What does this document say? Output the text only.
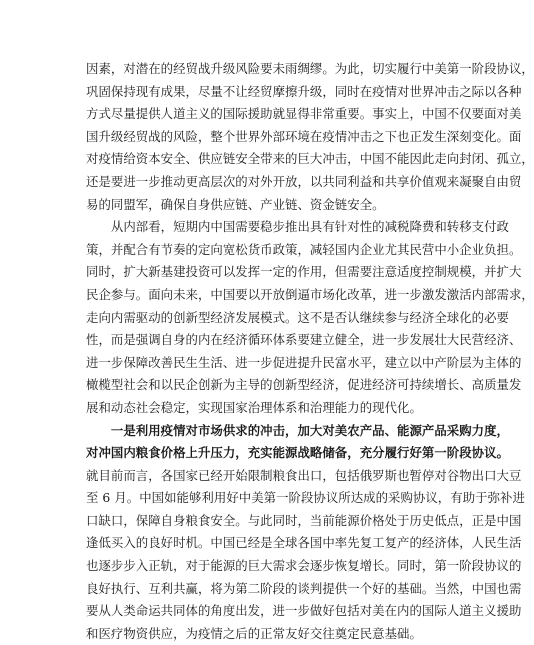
因素，对潜在的经贸战升级风险要未雨绸缪。为此，切实履行中美第一阶段协议，
巩固保持现有成果，尽量不让经贸摩擦升级，同时在疫情对世界冲击之际以各种
方式尽量提供人道主义的国际援助就显得非常重要。事实上，中国不仅要面对美
国升级经贸战的风险，整个世界外部环境在疫情冲击之下也正发生深刻变化。面
对疫情给资本安全、供应链安全带来的巨大冲击，中国不能因此走向封闭、孤立，
还是要进一步推动更高层次的对外开放，以共同利益和共享价值观来凝聚自由贸
易的同盟军，确保自身供应链、产业链、资金链安全。
　　从内部看，短期内中国需要稳步推出具有针对性的减税降费和转移支付政
策，并配合有节奏的定向宽松货币政策，减轻国内企业尤其民营中小企业负担。
同时，扩大新基建投资可以发挥一定的作用，但需要注意适度控制规模，并扩大
民企参与。面向未来，中国要以开放倒逼市场化改革，进一步激发激活内部需求，
走向内需驱动的创新型经济发展模式。这不是否认继续参与经济全球化的必要
性，而是强调自身的内在经济循环体系要建立健全，进一步发展壮大民营经济、
进一步保障改善民生生活、进一步促进提升民富水平，建立以中产阶层为主体的
橄榄型社会和以民企创新为主导的创新型经济，促进经济可持续增长、高质量发
展和动态社会稳定，实现国家治理体系和治理能力的现代化。
　　一是利用疫情对市场供求的冲击，加大对美农产品、能源产品采购力度，
对冲国内粮食价格上升压力，充实能源战略储备，充分履行好第一阶段协议。
就目前而言，各国家已经开始限制粮食出口，包括俄罗斯也暂停对谷物出口大豆
至 6 月。中国如能够利用好中美第一阶段协议所达成的采购协议，有助于弥补进
口缺口，保障自身粮食安全。与此同时，当前能源价格处于历史低点，正是中国
逢低买入的良好时机。中国已经是全球各国中率先复工复产的经济体，人民生活
也逐步步入正轨，对于能源的巨大需求会逐步恢复增长。同时，第一阶段协议的
良好执行、互利共赢，将为第二阶段的谈判提供一个好的基础。当然，中国也需
要从人类命运共同体的角度出发，进一步做好包括对美在内的国际人道主义援助
和医疗物资供应，为疫情之后的正常友好交往奠定民意基础。
